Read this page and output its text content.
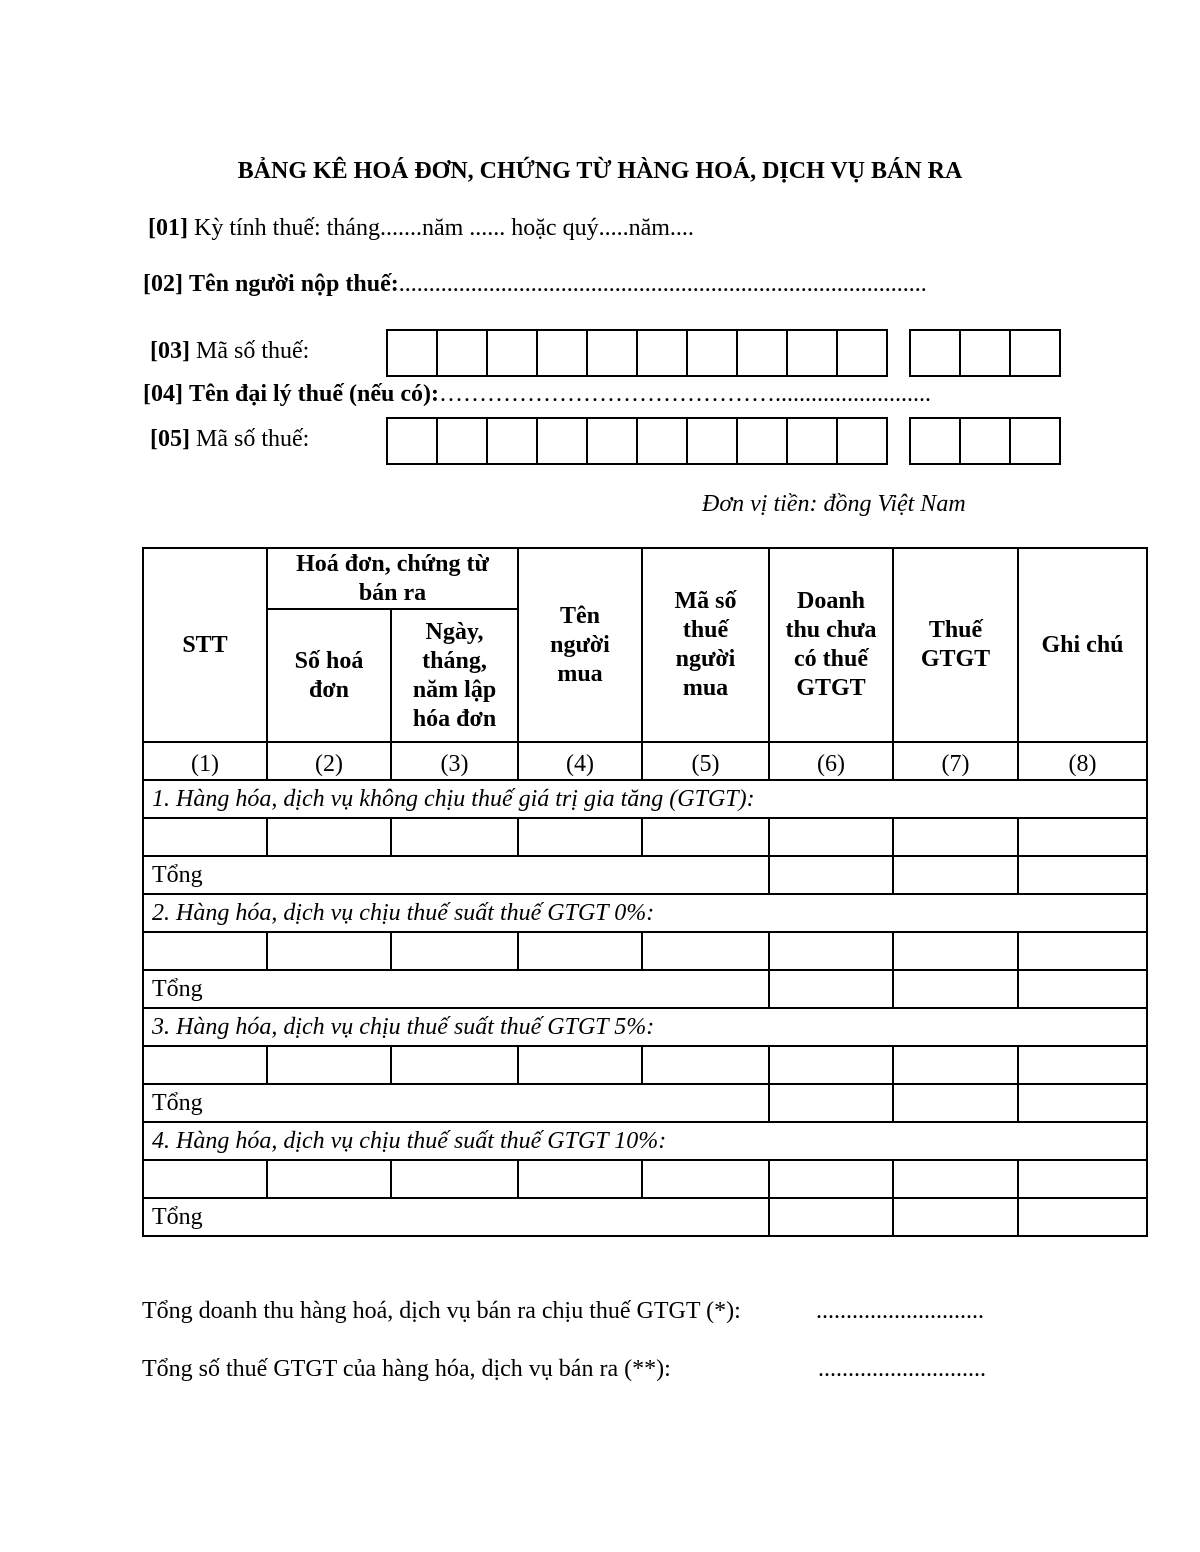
BẢNG KÊ HOÁ ĐƠN, CHỨNG TỪ HÀNG HOÁ, DỊCH VỤ BÁN RA
[01] Kỳ tính thuế: tháng.......năm ...... hoặc quý.....năm....
[02] Tên người nộp thuế:........................................................................................
[03] Mã số thuế:
[04] Tên đại lý thuế (nếu có):……………………………………..........................
[05] Mã số thuế:
Đơn vị tiền: đồng Việt Nam
STT	Hoá đơn, chứng từ bán ra		Tên người mua	Mã số thuế người mua	Doanh thu chưa có thuế GTGT	Thuế GTGT	Ghi chú
	Số hoá đơn	Ngày, tháng, năm lập hóa đơn					
(1)	(2)	(3)	(4)	(5)	(6)	(7)	(8)
1. Hàng hóa, dịch vụ không chịu thuế giá trị gia tăng (GTGT):							

Tổng							
2. Hàng hóa, dịch vụ chịu thuế suất thuế GTGT 0%:							

Tổng							
3. Hàng hóa, dịch vụ chịu thuế suất thuế GTGT 5%:							

Tổng							
4. Hàng hóa, dịch vụ chịu thuế suất thuế GTGT 10%:							

Tổng							
Tổng doanh thu hàng hoá, dịch vụ bán ra chịu thuế GTGT (*):	............................
Tổng số thuế GTGT của hàng hóa, dịch vụ bán ra (**):	............................
